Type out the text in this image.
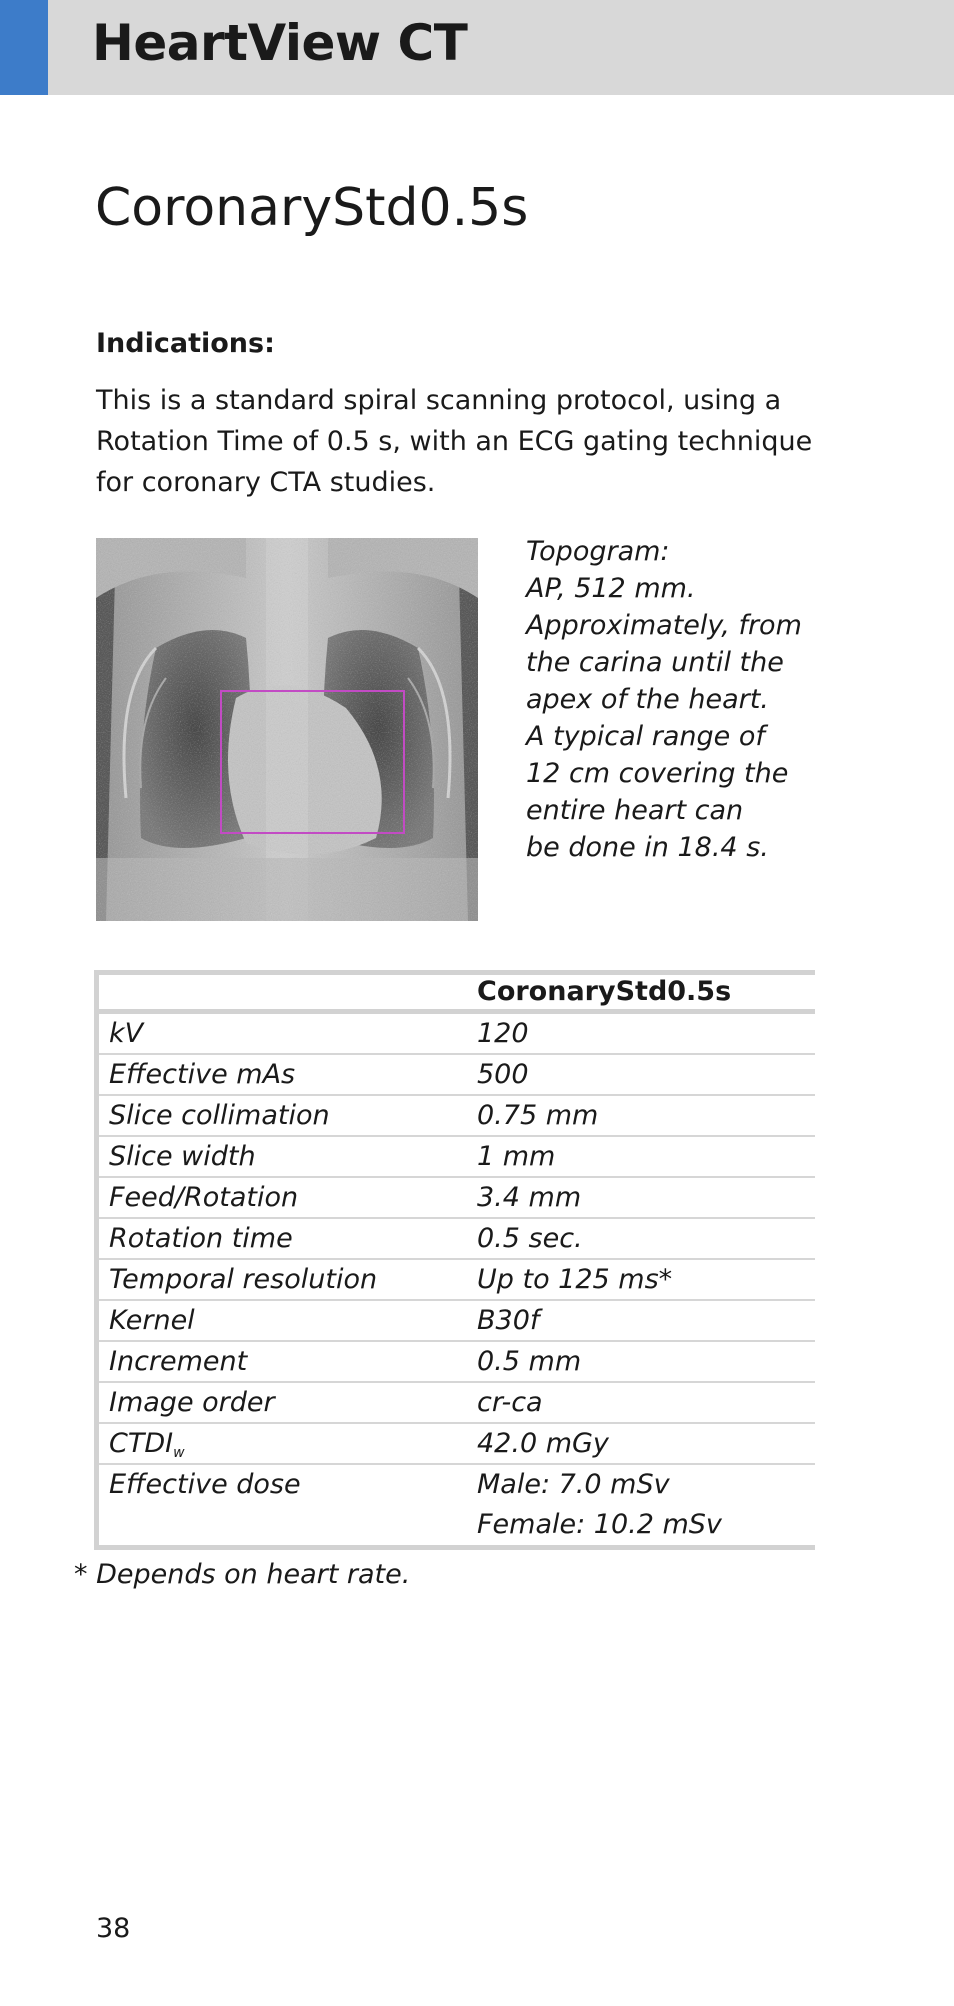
HeartView CT
CoronaryStd0.5s
Indications:
This is a standard spiral scanning protocol, using a Rotation Time of 0.5 s, with an ECG gating technique for coronary CTA studies.
Topogram:
AP, 512 mm.
Approximately, from
the carina until the
apex of the heart.
A typical range of
12 cm covering the
entire heart can
be done in 18.4 s.
CoronaryStd0.5s
kV	120
Effective mAs	500
Slice collimation	0.75 mm
Slice width	1 mm
Feed/Rotation	3.4 mm
Rotation time	0.5 sec.
Temporal resolution	Up to 125 ms*
Kernel	B30f
Increment	0.5 mm
Image order	cr-ca
$CTDI_w$	42.0 mGy
Effective dose	Male: 7.0 mSv
Female: 10.2 mSv
* Depends on heart rate.
38
